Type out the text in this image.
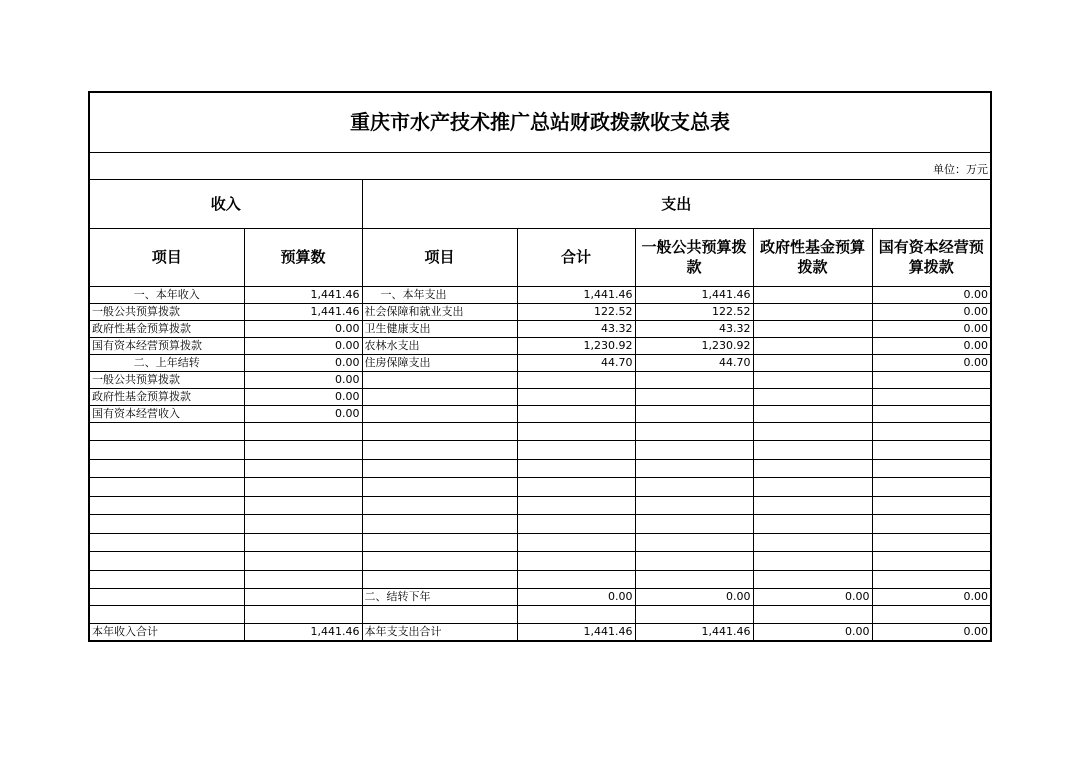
重庆市水产技术推广总站财政拨款收支总表						
单位：万元						
收入		支出				
项目	预算数	项目	合计	一般公共预算拨款	政府性基金预算拨款	国有资本经营预算拨款
一、本年收入	1,441.46	一、本年支出	1,441.46	1,441.46		0.00
一般公共预算拨款	1,441.46	社会保障和就业支出	122.52	122.52		0.00
政府性基金预算拨款	0.00	卫生健康支出	43.32	43.32		0.00
国有资本经营预算拨款	0.00	农林水支出	1,230.92	1,230.92		0.00
二、上年结转	0.00	住房保障支出	44.70	44.70		0.00
一般公共预算拨款	0.00					
政府性基金预算拨款	0.00					
国有资本经营收入	0.00					

		二、结转下年	0.00	0.00	0.00	0.00

本年收入合计	1,441.46	本年支支出合计	1,441.46	1,441.46	0.00	0.00
